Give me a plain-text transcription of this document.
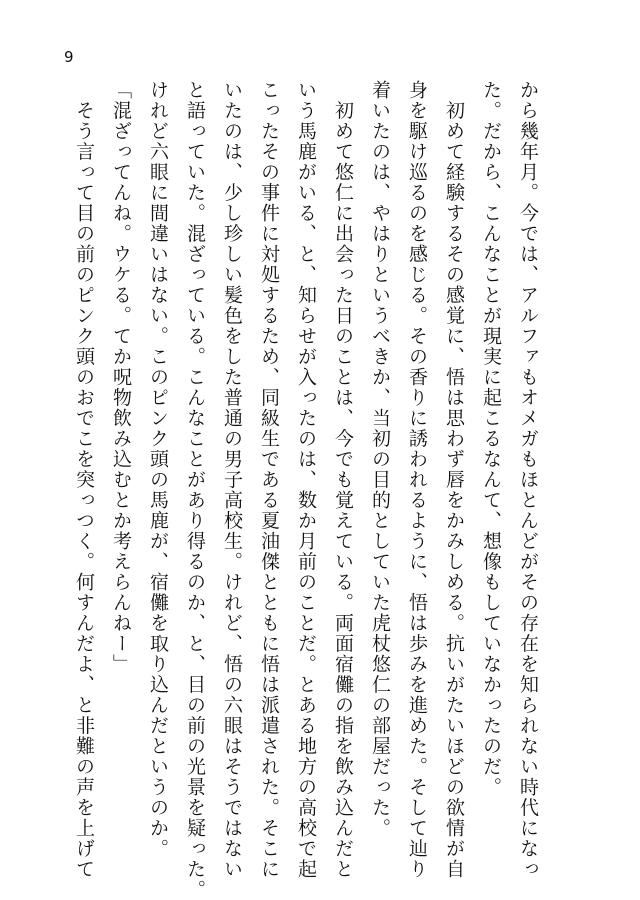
9
から幾年月。今では、アルファもオメガもほとんどがその存在を知られない時代になっ
た。だから、こんなことが現実に起こるなんて、想像もしていなかったのだ。
　初めて経験するその感覚に、悟は思わず唇をかみしめる。抗いがたいほどの欲情が自
身を駆け巡るのを感じる。その香りに誘われるように、悟は歩みを進めた。そして辿り
着いたのは、やはりというべきか、当初の目的としていた虎杖悠仁の部屋だった。
　初めて悠仁に出会った日のことは、今でも覚えている。両面宿儺の指を飲み込んだと
いう馬鹿がいる、と、知らせが入ったのは、数か月前のことだ。とある地方の高校で起
こったその事件に対処するため、同級生である夏油傑とともに悟は派遣された。そこに
いたのは、少し珍しい髪色をした普通の男子高校生。けれど、悟の六眼はそうではない
と語っていた。混ざっている。こんなことがあり得るのか、と、目の前の光景を疑った。
けれど六眼に間違いはない。このピンク頭の馬鹿が、宿儺を取り込んだというのか。
「混ざってんね。ウケる。てか呪物飲み込むとか考えらんねー」
　そう言って目の前のピンク頭のおでこを突っつく。何すんだよ、と非難の声を上げて
